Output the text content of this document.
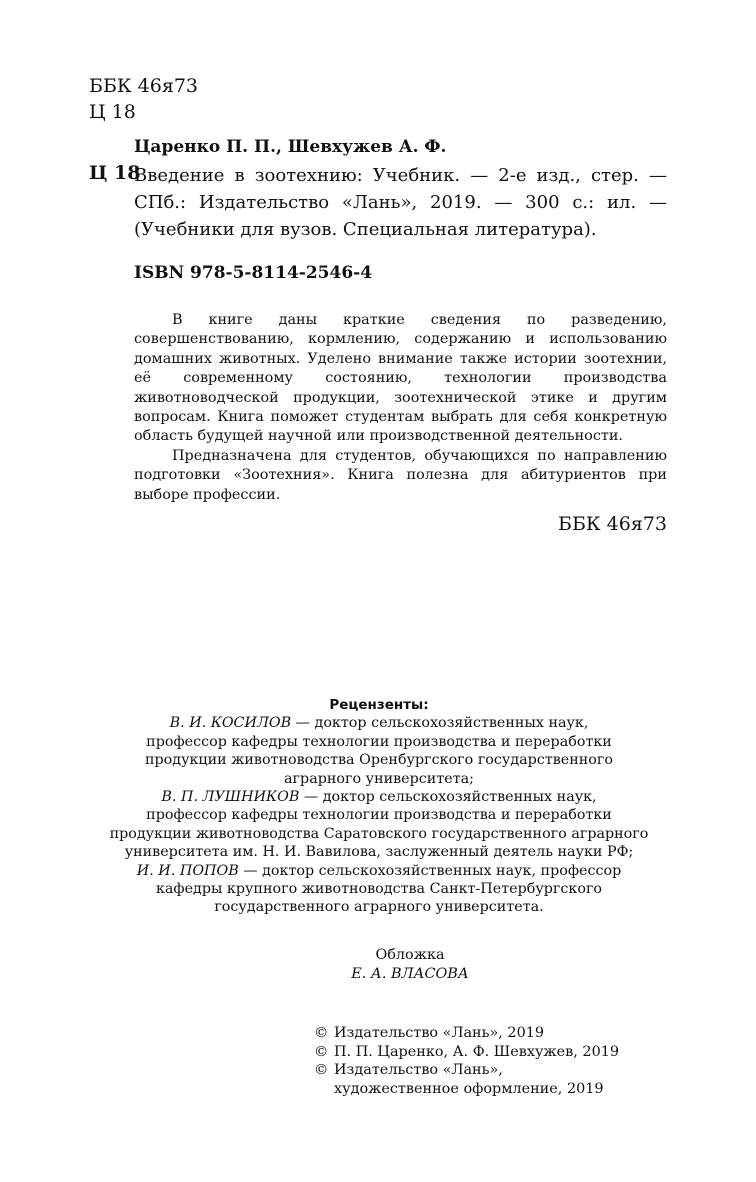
ББК 46я73
Ц 18
Царенко П. П., Шевхужев А. Ф.
Ц 18
Введение в зоотехнию: Учебник. — 2-е изд., стер. —
СПб.: Издательство «Лань», 2019. — 300 с.: ил. —
(Учебники для вузов. Специальная литература).
ISBN 978-5-8114-2546-4
В книге даны краткие сведения по разведению,
совершенствованию, кормлению, содержанию и использованию
домашних животных. Уделено внимание также истории зоотехнии,
её современному состоянию, технологии производства
животноводческой продукции, зоотехнической этике и другим
вопросам. Книга поможет студентам выбрать для себя конкретную
область будущей научной или производственной деятельности.
Предназначена для студентов, обучающихся по направлению
подготовки «Зоотехния». Книга полезна для абитуриентов при
выборе профессии.
ББК 46я73
Рецензенты:
В. И. КОСИЛОВ — доктор сельскохозяйственных наук,
профессор кафедры технологии производства и переработки
продукции животноводства Оренбургского государственного
аграрного университета;
В. П. ЛУШНИКОВ — доктор сельскохозяйственных наук,
профессор кафедры технологии производства и переработки
продукции животноводства Саратовского государственного аграрного
университета им. Н. И. Вавилова, заслуженный деятель науки РФ;
И. И. ПОПОВ — доктор сельскохозяйственных наук, профессор
кафедры крупного животноводства Санкт-Петербургского
государственного аграрного университета.
Обложка
Е. А. ВЛАСОВА
© Издательство «Лань», 2019
© П. П. Царенко, А. Ф. Шевхужев, 2019
© Издательство «Лань»,
художественное оформление, 2019
